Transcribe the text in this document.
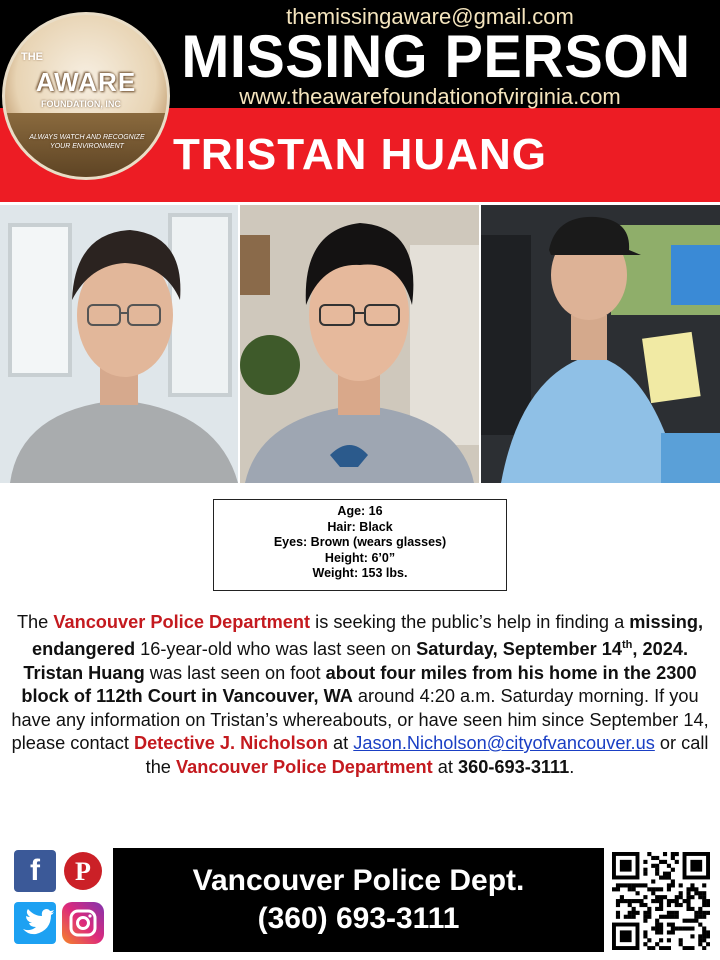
THE
AWARE
FOUNDATION, INC
ALWAYS WATCH AND RECOGNIZE YOUR ENVIRONMENT
themissingaware@gmail.com
MISSING PERSON
www.theawarefoundationofvirginia.com
TRISTAN HUANG
Age: 16
Hair: Black
Eyes: Brown (wears glasses)
Height: 6’0”
Weight: 153 lbs.
The Vancouver Police Department is seeking the public’s help in finding a missing, endangered 16-year-old who was last seen on Saturday, September 14th, 2024. Tristan Huang was last seen on foot about four miles from his home in the 2300 block of 112th Court in Vancouver, WA around 4:20 a.m. Saturday morning. If you have any information on Tristan’s whereabouts, or have seen him since September 14, please contact Detective J. Nicholson at Jason.Nicholson@cityofvancouver.us or call the Vancouver Police Department at 360-693-3111.
f	P	Vancouver Police Dept.
(360) 693-3111
